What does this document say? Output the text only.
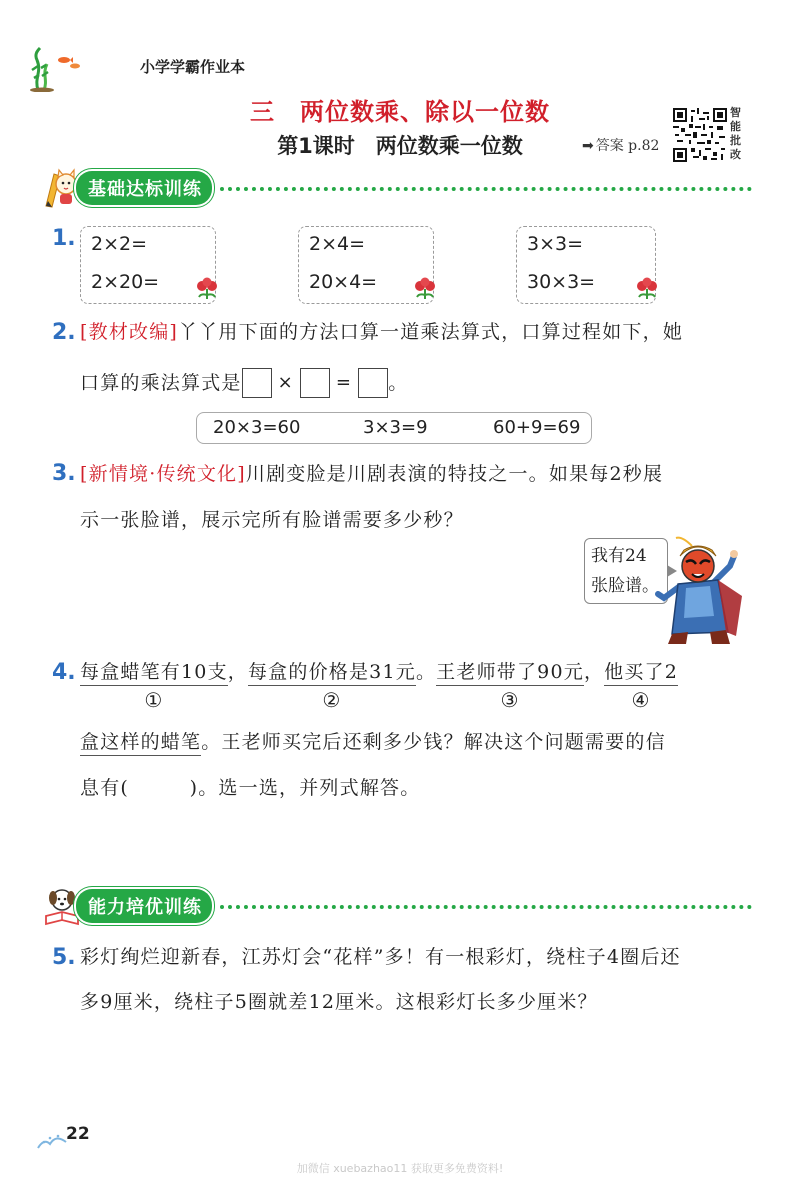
小学学霸作业本
三　两位数乘、除以一位数
第1课时　两位数乘一位数	➡ 答案 p.82
智能批改
基础达标训练
1. 2×2=
2×20=
2×4=
20×4=
3×3=
30×3=
2. [教材改编]丫丫用下面的方法口算一道乘法算式，口算过程如下，她
口算的乘法算式是 × = 。
20×3=60	3×3=9	60+9=69
3. [新情境·传统文化]川剧变脸是川剧表演的特技之一。如果每2秒展
示一张脸谱，展示完所有脸谱需要多少秒？
我有24
张脸谱。
4. 每盒蜡笔有10支
①
，每盒的价格是31元
②
。王老师带了90元
③
，他买了2
④
盒这样的蜡笔。王老师买完后还剩多少钱？解决这个问题需要的信
息有(　　　)。选一选，并列式解答。
能力培优训练
5. 彩灯绚烂迎新春，江苏灯会“花样”多！有一根彩灯，绕柱子4圈后还
多9厘米，绕柱子5圈就差12厘米。这根彩灯长多少厘米？
22
加微信 xuebazhao11 获取更多免费资料!
